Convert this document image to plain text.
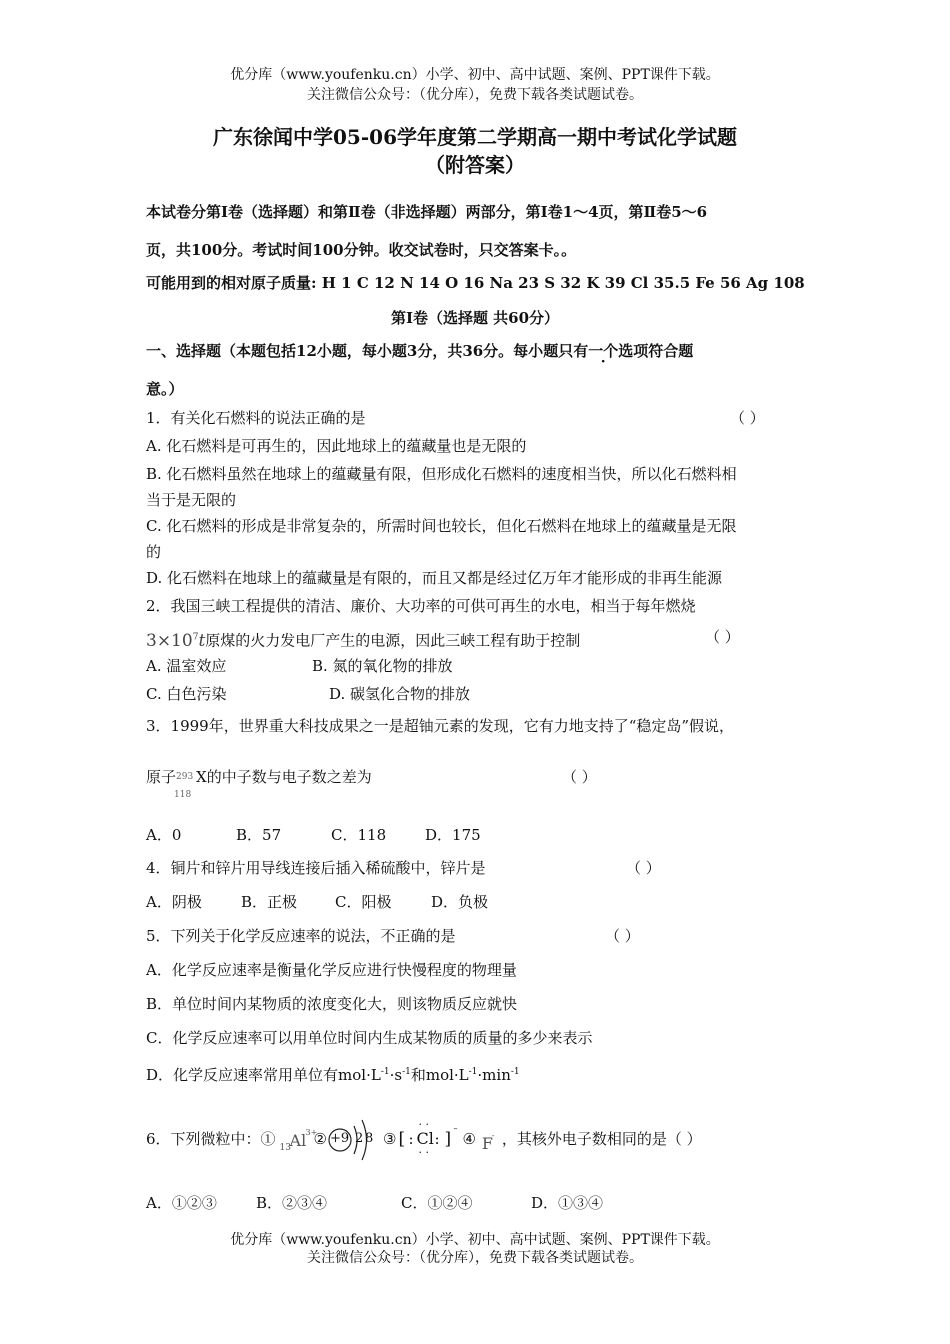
优分库（www.youfenku.cn）小学、初中、高中试题、案例、PPT课件下载。
关注微信公众号：（优分库），免费下载各类试题试卷。
广东徐闻中学05-06学年度第二学期高一期中考试化学试题
（附答案）
本试卷分第Ⅰ卷（选择题）和第Ⅱ卷（非选择题）两部分，第Ⅰ卷1～4页，第Ⅱ卷5～6
页，共100分。考试时间100分钟。收交试卷时，只交答案卡。。
可能用到的相对原子质量: H 1 C 12 N 14 O 16 Na 23 S 32 K 39 Cl 35.5 Fe 56 Ag 108
第Ⅰ卷（选择题 共60分）
一、选择题（本题包括12小题，每小题3分，共36分。每小题只有一个选项符合题
意。）
1．有关化石燃料的说法正确的是	（ ）
A. 化石燃料是可再生的，因此地球上的蕴藏量也是无限的
B. 化石燃料虽然在地球上的蕴藏量有限，但形成化石燃料的速度相当快，所以化石燃料相
当于是无限的
C. 化石燃料的形成是非常复杂的，所需时间也较长，但化石燃料在地球上的蕴藏量是无限
的
D. 化石燃料在地球上的蕴藏量是有限的，而且又都是经过亿万年才能形成的非再生能源
2．我国三峡工程提供的清洁、廉价、大功率的可供可再生的水电，相当于每年燃烧
$3\times 10^7t$原煤的火力发电厂产生的电源，因此三峡工程有助于控制	（ ）
A. 温室效应	B. 氮的氧化物的排放
C. 白色污染	D. 碳氢化合物的排放
3．1999年，世界重大科技成果之一是超铀元素的发现，它有力地支持了“稳定岛”假说，
原子 293
118
X的中子数与电子数之差为	（ ）
A．0	B．57	C．118	D．175
4．铜片和锌片用导线连接后插入稀硫酸中，锌片是	（ ）
A．阴极	B．正极	C．阳极	D．负极
5．下列关于化学反应速率的说法，不正确的是	（ ）
A．化学反应速率是衡量化学反应进行快慢程度的物理量
B．单位时间内某物质的浓度变化大，则该物质反应就快
C．化学反应速率可以用单位时间内生成某物质的质量的多少来表示
D．化学反应速率常用单位有$mol\cdot L^{-1}\cdot s^{-1}$和$mol\cdot L^{-1}\cdot\min^{-1}$
6．下列微粒中：① 13
Al 3+
② +9 2 8 ③ [ :
· ·
Cl
· ·
: ]
–
④ F
- ，其核外电子数相同的是（ ）
A．①②③	B．②③④	C．①②④	D．①③④
优分库（www.youfenku.cn）小学、初中、高中试题、案例、PPT课件下载。
关注微信公众号：（优分库），免费下载各类试题试卷。
